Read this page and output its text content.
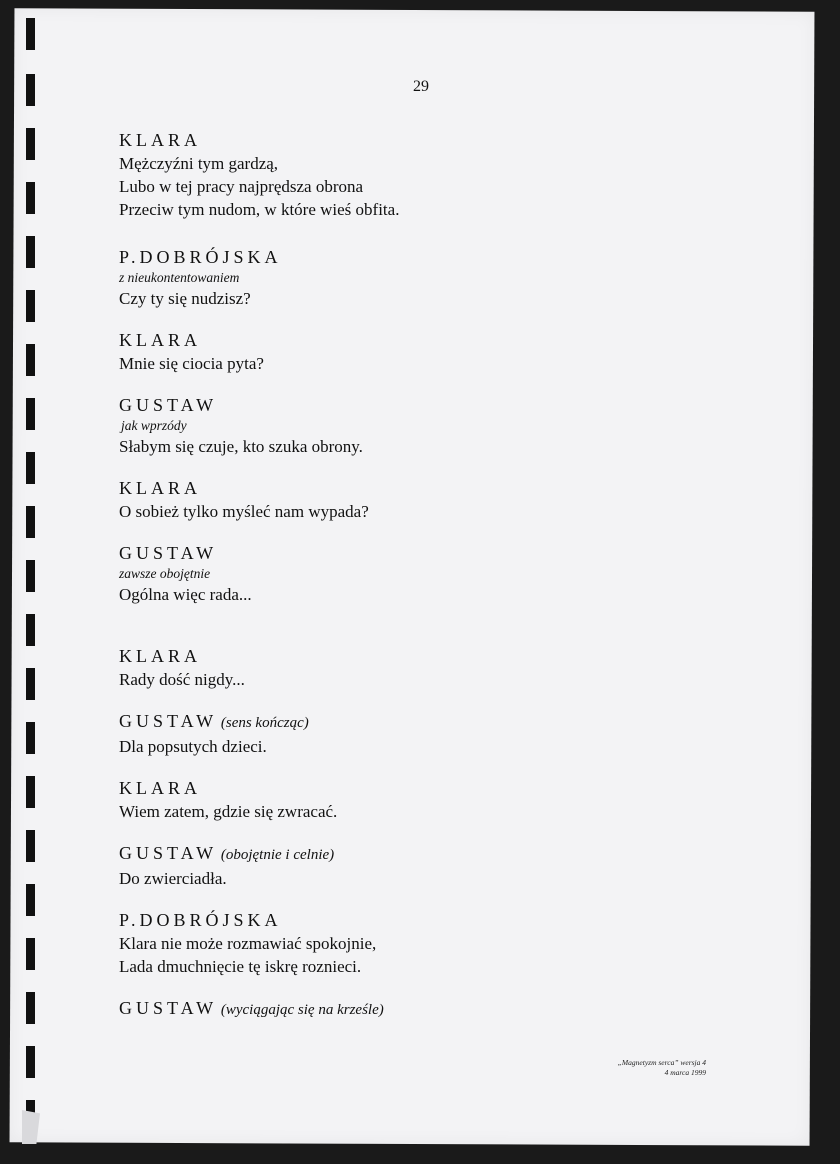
29
KLARA
Mężczyźni tym gardzą,
Lubo w tej pracy najprędsza obrona
Przeciw tym nudom, w które wieś obfita.
P.DOBRÓJSKA
z nieukontentowaniem
Czy ty się nudzisz?
KLARA
Mnie się ciocia pyta?
GUSTAW
jak wprzódy
Słabym się czuje, kto szuka obrony.
KLARA
O sobież tylko myśleć nam wypada?
GUSTAW
zawsze obojętnie
Ogólna więc rada...
KLARA
Rady dość nigdy...
GUSTAW (sens kończąc)
Dla popsutych dzieci.
KLARA
Wiem zatem, gdzie się zwracać.
GUSTAW (obojętnie i celnie)
Do zwierciadła.
P.DOBRÓJSKA
Klara nie może rozmawiać spokojnie,
Lada dmuchnięcie tę iskrę roznieci.
GUSTAW (wyciągając się na krześle)
„Magnetyzm serca” wersja 4
4 marca 1999
